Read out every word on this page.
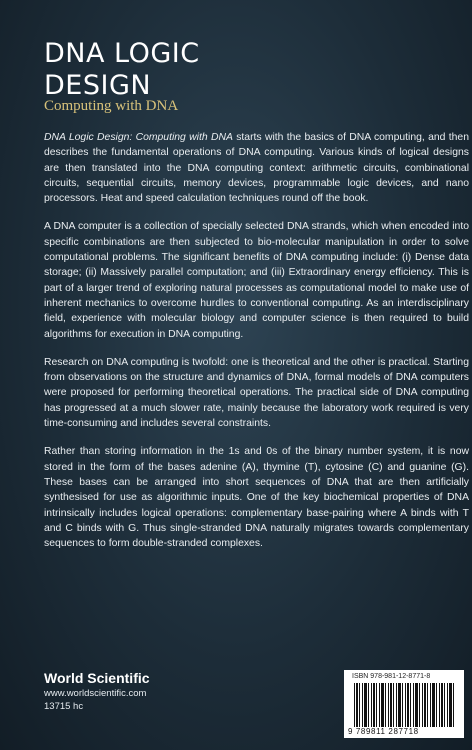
DNA LOGIC
DESIGN
Computing with DNA

DNA Logic Design: Computing with DNA starts with the basics of DNA computing, and then describes the fundamental operations of DNA computing. Various kinds of logical designs are then translated into the DNA computing context: arithmetic circuits, combinational circuits, sequential circuits, memory devices, programmable logic devices, and nano processors. Heat and speed calculation techniques round off the book.

A DNA computer is a collection of specially selected DNA strands, which when encoded into specific combinations are then subjected to bio-molecular manipulation in order to solve computational problems. The significant benefits of DNA computing include: (i) Dense data storage; (ii) Massively parallel computation; and (iii) Extraordinary energy efficiency. This is part of a larger trend of exploring natural processes as computational model to make use of inherent mechanics to overcome hurdles to conventional computing. As an interdisciplinary field, experience with molecular biology and computer science is then required to build algorithms for execution in DNA computing.

Research on DNA computing is twofold: one is theoretical and the other is practical. Starting from observations on the structure and dynamics of DNA, formal models of DNA computers were proposed for performing theoretical operations. The practical side of DNA computing has progressed at a much slower rate, mainly because the laboratory work required is very time-consuming and includes several constraints.

Rather than storing information in the 1s and 0s of the binary number system, it is now stored in the form of the bases adenine (A), thymine (T), cytosine (C) and guanine (G). These bases can be arranged into short sequences of DNA that are then artificially synthesised for use as algorithmic inputs. One of the key biochemical properties of DNA intrinsically includes logical operations: complementary base-pairing where A binds with T and C binds with G. Thus single-stranded DNA naturally migrates towards complementary sequences to form double-stranded complexes.

World Scientific
www.worldscientific.com
13715 hc
ISBN 978-981-12-8771-8
9 789811 287718
